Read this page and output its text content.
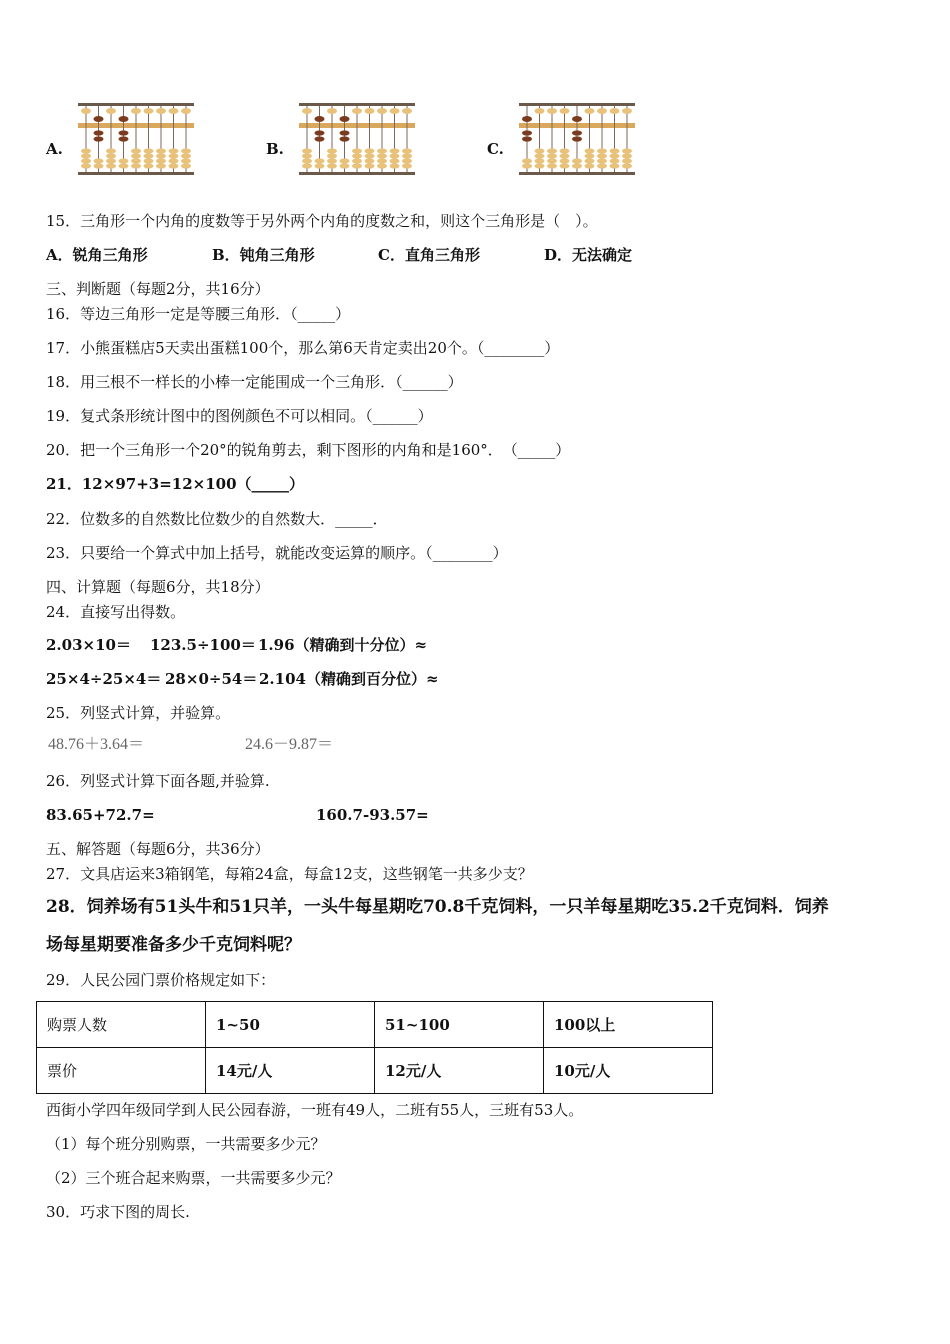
A.	B.	C.
15．三角形一个内角的度数等于另外两个内角的度数之和，则这个三角形是（　）。
A．锐角三角形	B．钝角三角形	C．直角三角形	D．无法确定
三、判断题（每题2分，共16分）
16．等边三角形一定是等腰三角形．（_____）
17．小熊蛋糕店5天卖出蛋糕100个，那么第6天肯定卖出20个。（________）
18．用三根不一样长的小棒一定能围成一个三角形．（______）
19．复式条形统计图中的图例颜色不可以相同。（______）
20．把一个三角形一个20°的锐角剪去，剩下图形的内角和是160°．　（_____）
21．12×97+3=12×100（_____）
22．位数多的自然数比位数少的自然数大．_____．
23．只要给一个算式中加上括号，就能改变运算的顺序。（________）
四、计算题（每题6分，共18分）
24．直接写出得数。
2.03×10＝ 123.5÷100＝ 1.96（精确到十分位）≈
25×4÷25×4＝ 28×0÷54＝ 2.104（精确到百分位）≈
25．列竖式计算，并验算。
48.76＋3.64＝	24.6－9.87＝
26．列竖式计算下面各题,并验算.
83.65+72.7=	160.7-93.57=
五、解答题（每题6分，共36分）
27．文具店运来3箱钢笔，每箱24盒，每盒12支，这些钢笔一共多少支？
28．饲养场有51头牛和51只羊，一头牛每星期吃70.8千克饲料，一只羊每星期吃35.2千克饲料．饲养
场每星期要准备多少千克饲料呢？
29．人民公园门票价格规定如下：
购票人数	1~50	51~100	100以上
票价	14元/人	12元/人	10元/人
西街小学四年级同学到人民公园春游，一班有49人，二班有55人，三班有53人。
（1）每个班分别购票，一共需要多少元？
（2）三个班合起来购票，一共需要多少元？
30．巧求下图的周长.
